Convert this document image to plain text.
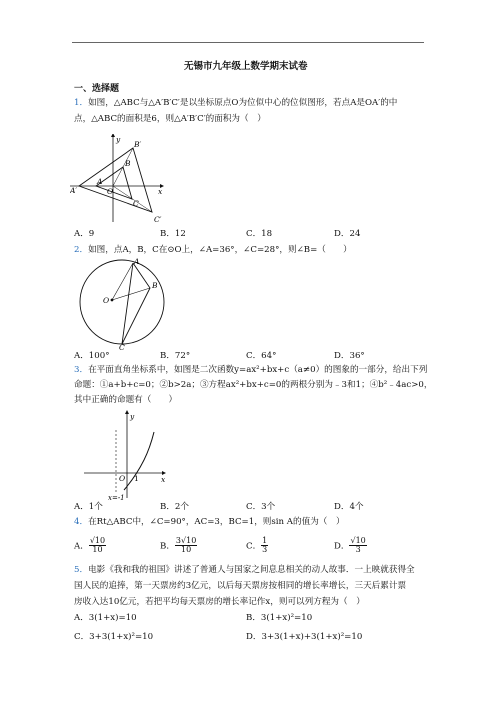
无锡市九年级上数学期末试卷
一、选择题
1．如图，△ABC与△A′B′C′是以坐标原点O为位似中心的位似图形，若点A是OA′的中
点，△ABC的面积是6，则△A′B′C′的面积为（　）
B′
B
A′
A
O
C
C′
x
y
A．9	B．12	C．18	D．24
2．如图，点A，B，C在⊙O上，∠A=36°，∠C=28°，则∠B=（　　）
A
B
O
C
A．100°	B．72°	C．64°	D．36°
3．在平面直角坐标系中，如图是二次函数y=ax²+bx+c（a≠0）的图象的一部分，给出下列
命题：①a+b+c=0；②b>2a；③方程ax²+bx+c=0的两根分别为﹣3和1；④b²﹣4ac>0，
其中正确的命题有（　　）
y
O 1	x
x=-1
A．1个	B．2个	C．3个	D．4个
4．在Rt△ABC中，∠C=90°，AC=3，BC=1，则sin A的值为（　）
A． $\frac{√10}{10}$	B． $\frac{3√10}{10}$	C． $\frac{1}{3}$	D． $\frac{√10}{3}$
5．电影《我和我的祖国》讲述了普通人与国家之间息息相关的动人故事．一上映就获得全
国人民的追捧，第一天票房约3亿元，以后每天票房按相同的增长率增长，三天后累计票
房收入达10亿元，若把平均每天票房的增长率记作x，则可以列方程为（　）
A．3(1+x)=10	B．3(1+x)²=10
C．3+3(1+x)²=10	D．3+3(1+x)+3(1+x)²=10
